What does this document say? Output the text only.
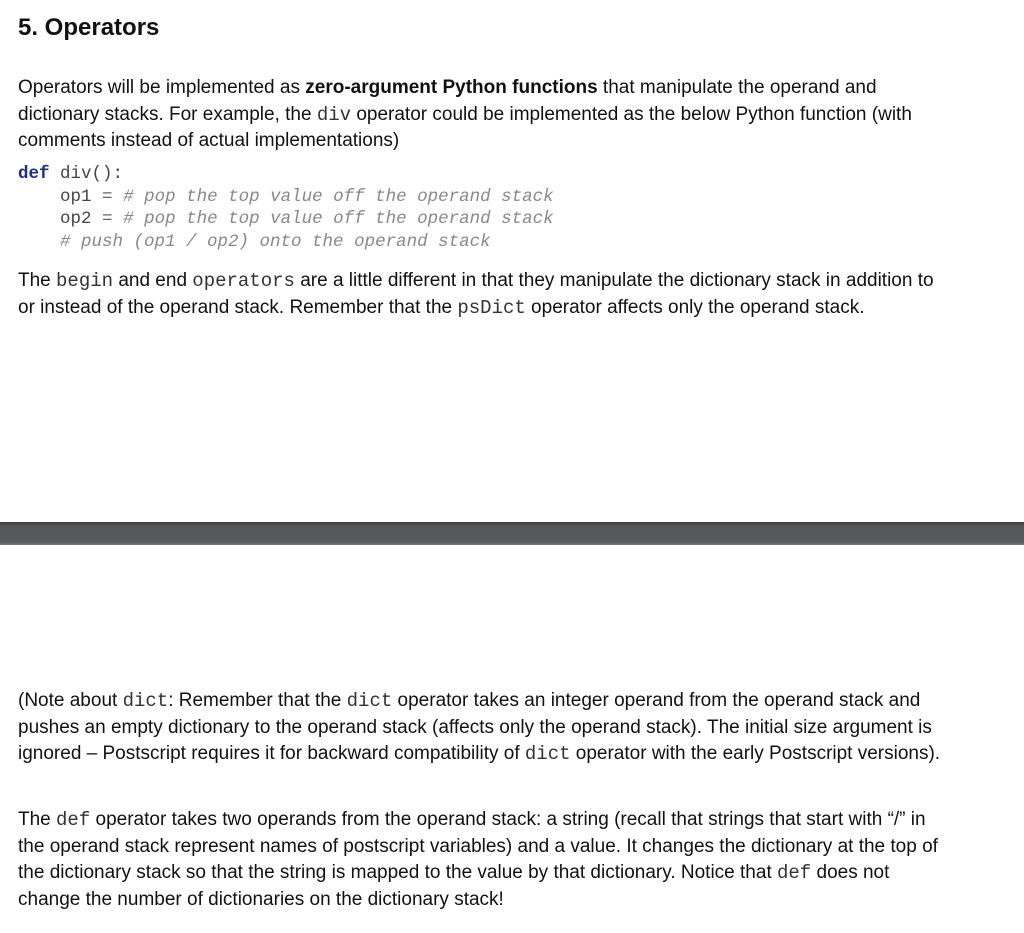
5. Operators

Operators will be implemented as zero-argument Python functions that manipulate the operand and dictionary stacks. For example, the div operator could be implemented as the below Python function (with comments instead of actual implementations)

def div():
op1 = # pop the top value off the operand stack
op2 = # pop the top value off the operand stack
# push (op1 / op2) onto the operand stack

The begin and end operators are a little different in that they manipulate the dictionary stack in addition to or instead of the operand stack. Remember that the psDict operator affects only the operand stack.

(Note about dict: Remember that the dict operator takes an integer operand from the operand stack and pushes an empty dictionary to the operand stack (affects only the operand stack). The initial size argument is ignored – Postscript requires it for backward compatibility of dict operator with the early Postscript versions).

The def operator takes two operands from the operand stack: a string (recall that strings that start with “/” in the operand stack represent names of postscript variables) and a value. It changes the dictionary at the top of the dictionary stack so that the string is mapped to the value by that dictionary. Notice that def does not change the number of dictionaries on the dictionary stack!
